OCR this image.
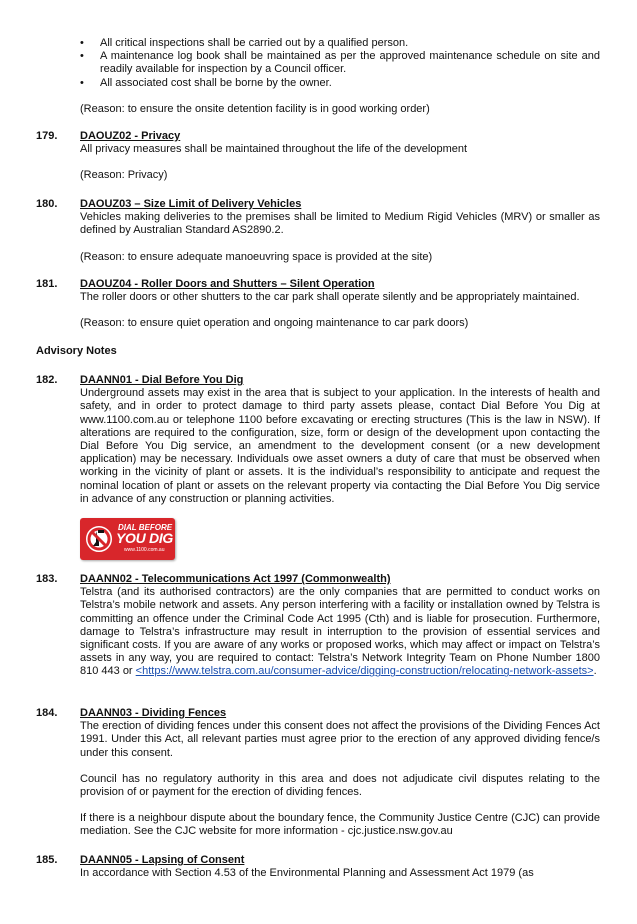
• All critical inspections shall be carried out by a qualified person.
• A maintenance log book shall be maintained as per the approved maintenance schedule on site and readily available for inspection by a Council officer.
• All associated cost shall be borne by the owner.
(Reason: to ensure the onsite detention facility is in good working order)
179. DAOUZ02 - Privacy

All privacy measures shall be maintained throughout the life of the development

(Reason: Privacy)

180. DAOUZ03 – Size Limit of Delivery Vehicles

Vehicles making deliveries to the premises shall be limited to Medium Rigid Vehicles (MRV) or smaller as defined by Australian Standard AS2890.2.

(Reason: to ensure adequate manoeuvring space is provided at the site)

181. DAOUZ04 - Roller Doors and Shutters – Silent Operation

The roller doors or other shutters to the car park shall operate silently and be appropriately maintained.

(Reason: to ensure quiet operation and ongoing maintenance to car park doors)

Advisory Notes
182. DAANN01 - Dial Before You Dig

Underground assets may exist in the area that is subject to your application. In the interests of health and safety, and in order to protect damage to third party assets please, contact Dial Before You Dig at www.1100.com.au or telephone 1100 before excavating or erecting structures (This is the law in NSW). If alterations are required to the configuration, size, form or design of the development upon contacting the Dial Before You Dig service, an amendment to the development consent (or a new development application) may be necessary. Individuals owe asset owners a duty of care that must be observed when working in the vicinity of plant or assets. It is the individual’s responsibility to anticipate and request the nominal location of plant or assets on the relevant property via contacting the Dial Before You Dig service in advance of any construction or planning activities.

DIAL BEFORE
YOU DIG
www.1100.com.au
183. DAANN02 - Telecommunications Act 1997 (Commonwealth)

Telstra (and its authorised contractors) are the only companies that are permitted to conduct works on Telstra’s mobile network and assets. Any person interfering with a facility or installation owned by Telstra is committing an offence under the Criminal Code Act 1995 (Cth) and is liable for prosecution. Furthermore, damage to Telstra’s infrastructure may result in interruption to the provision of essential services and significant costs. If you are aware of any works or proposed works, which may affect or impact on Telstra’s assets in any way, you are required to contact: Telstra’s Network Integrity Team on Phone Number 1800 810 443 or <https://www.telstra.com.au/consumer-advice/digging-construction/relocating-network-assets>.

184. DAANN03 - Dividing Fences

The erection of dividing fences under this consent does not affect the provisions of the Dividing Fences Act 1991. Under this Act, all relevant parties must agree prior to the erection of any approved dividing fence/s under this consent.

Council has no regulatory authority in this area and does not adjudicate civil disputes relating to the provision of or payment for the erection of dividing fences.

If there is a neighbour dispute about the boundary fence, the Community Justice Centre (CJC) can provide mediation. See the CJC website for more information - cjc.justice.nsw.gov.au

185. DAANN05 - Lapsing of Consent

In accordance with Section 4.53 of the Environmental Planning and Assessment Act 1979 (as
